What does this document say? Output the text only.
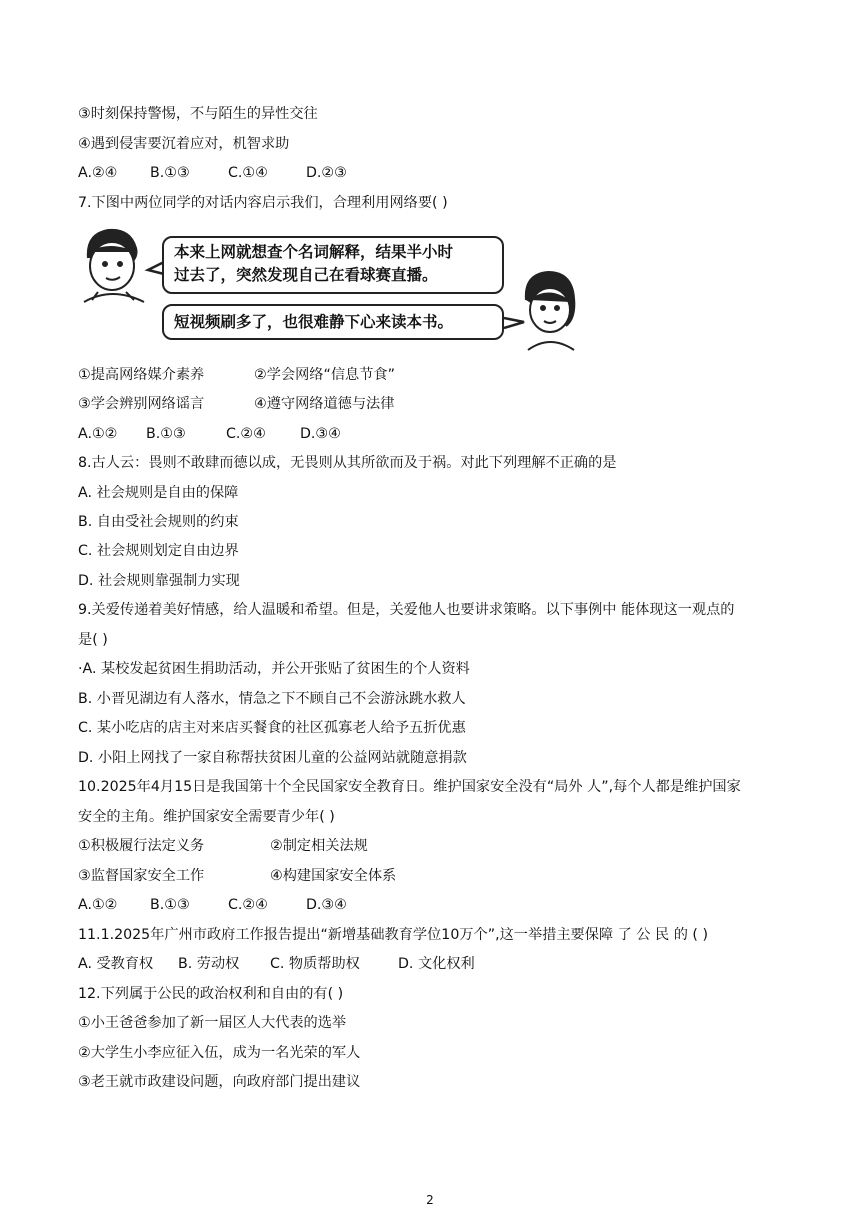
③时刻保持警惕，不与陌生的异性交往
④遇到侵害要沉着应对，机智求助
A.②④ B.①③	C.①④	D.②③
7.下图中两位同学的对话内容启示我们，合理利用网络要( )
本来上网就想查个名词解释，结果半小时
过去了，突然发现自己在看球赛直播。
短视频刷多了，也很难静下心来读本书。
①提高网络媒介素养	②学会网络“信息节食”
③学会辨别网络谣言	④遵守网络道德与法律
A.①② B.①③	C.②④ D.③④
8.古人云：畏则不敢肆而德以成，无畏则从其所欲而及于祸。对此下列理解不正确的是
A. 社会规则是自由的保障
B. 自由受社会规则的约束
C. 社会规则划定自由边界
D. 社会规则靠强制力实现
9.关爱传递着美好情感，给人温暖和希望。但是，关爱他人也要讲求策略。以下事例中 能体现这一观点的
是( )
·A. 某校发起贫困生捐助活动，并公开张贴了贫困生的个人资料
B. 小晋见湖边有人落水，情急之下不顾自己不会游泳跳水救人
C. 某小吃店的店主对来店买餐食的社区孤寡老人给予五折优惠
D. 小阳上网找了一家自称帮扶贫困儿童的公益网站就随意捐款
10.2025年4月15日是我国第十个全民国家安全教育日。维护国家安全没有“局外 人”,每个人都是维护国家
安全的主角。维护国家安全需要青少年( )
①积极履行法定义务	②制定相关法规
③监督国家安全工作	④构建国家安全体系
A.①② B.①③	C.②④	D.③④
11.1.2025年广州市政府工作报告提出“新增基础教育学位10万个”,这一举措主要保障 了 公 民 的 ( )
A. 受教育权 B. 劳动权 C. 物质帮助权	D. 文化权利
12.下列属于公民的政治权利和自由的有( )
①小王爸爸参加了新一届区人大代表的选举
②大学生小李应征入伍，成为一名光荣的军人
③老王就市政建设问题，向政府部门提出建议
2
